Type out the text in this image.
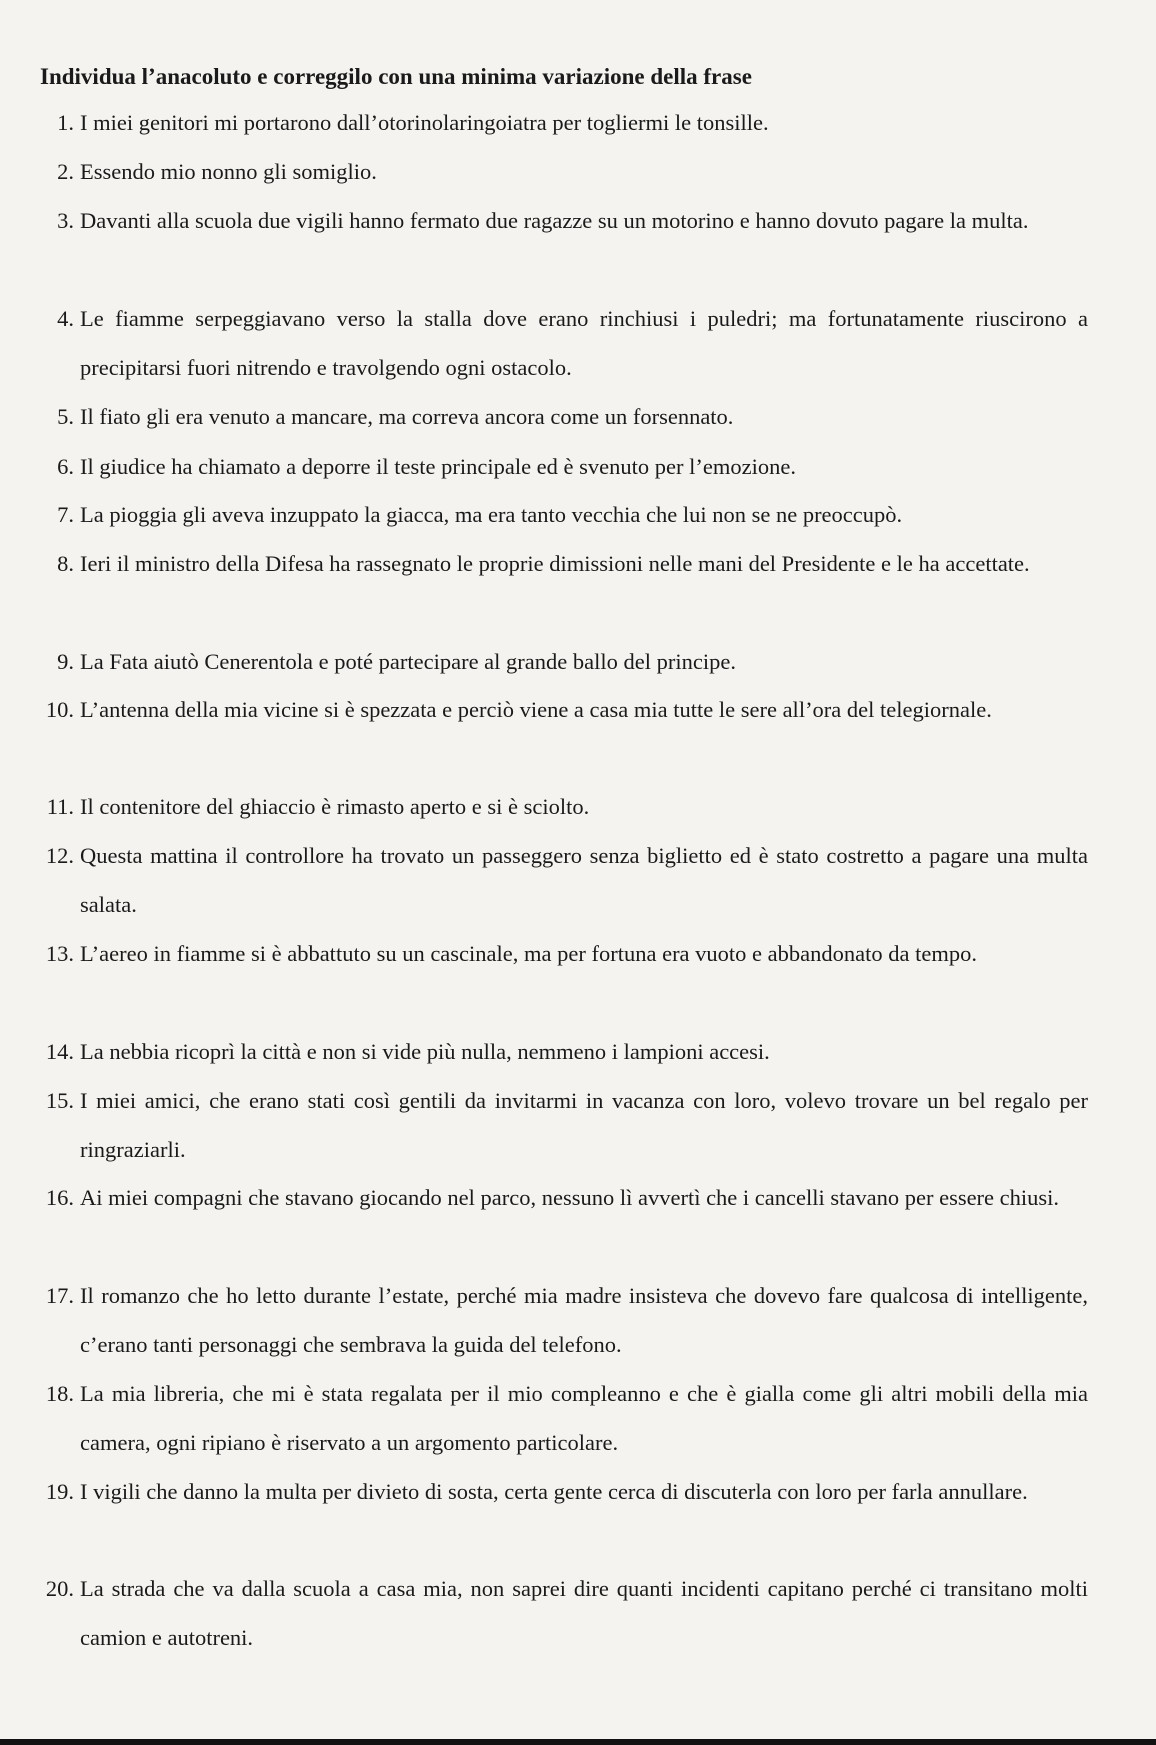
Individua l’anacoluto e correggilo con una minima variazione della frase
1. I miei genitori mi portarono dall’otorinolaringoiatra per togliermi le tonsille.
2. Essendo mio nonno gli somiglio.
3. Davanti alla scuola due vigili hanno fermato due ragazze su un motorino e hanno dovuto pagare la multa.
4. Le fiamme serpeggiavano verso la stalla dove erano rinchiusi i puledri; ma fortunatamente riuscirono a precipitarsi fuori nitrendo e travolgendo ogni ostacolo.
5. Il fiato gli era venuto a mancare, ma correva ancora come un forsennato.
6. Il giudice ha chiamato a deporre il teste principale ed è svenuto per l’emozione.
7. La pioggia gli aveva inzuppato la giacca, ma era tanto vecchia che lui non se ne preoccupò.
8. Ieri il ministro della Difesa ha rassegnato le proprie dimissioni nelle mani del Presidente e le ha accettate.
9. La Fata aiutò Cenerentola e poté partecipare al grande ballo del principe.
10. L’antenna della mia vicine si è spezzata e perciò viene a casa mia tutte le sere all’ora del telegiornale.
11. Il contenitore del ghiaccio è rimasto aperto e si è sciolto.
12. Questa mattina il controllore ha trovato un passeggero senza biglietto ed è stato costretto a pagare una multa salata.
13. L’aereo in fiamme si è abbattuto su un cascinale, ma per fortuna era vuoto e abbandonato da tempo.
14. La nebbia ricoprì la città e non si vide più nulla, nemmeno i lampioni accesi.
15. I miei amici, che erano stati così gentili da invitarmi in vacanza con loro, volevo trovare un bel regalo per ringraziarli.
16. Ai miei compagni che stavano giocando nel parco, nessuno lì avvertì che i cancelli stavano per essere chiusi.
17. Il romanzo che ho letto durante l’estate, perché mia madre insisteva che dovevo fare qualcosa di intelligente, c’erano tanti personaggi che sembrava la guida del telefono.
18. La mia libreria, che mi è stata regalata per il mio compleanno e che è gialla come gli altri mobili della mia camera, ogni ripiano è riservato a un argomento particolare.
19. I vigili che danno la multa per divieto di sosta, certa gente cerca di discuterla con loro per farla annullare.
20. La strada che va dalla scuola a casa mia, non saprei dire quanti incidenti capitano perché ci transitano molti camion e autotreni.
